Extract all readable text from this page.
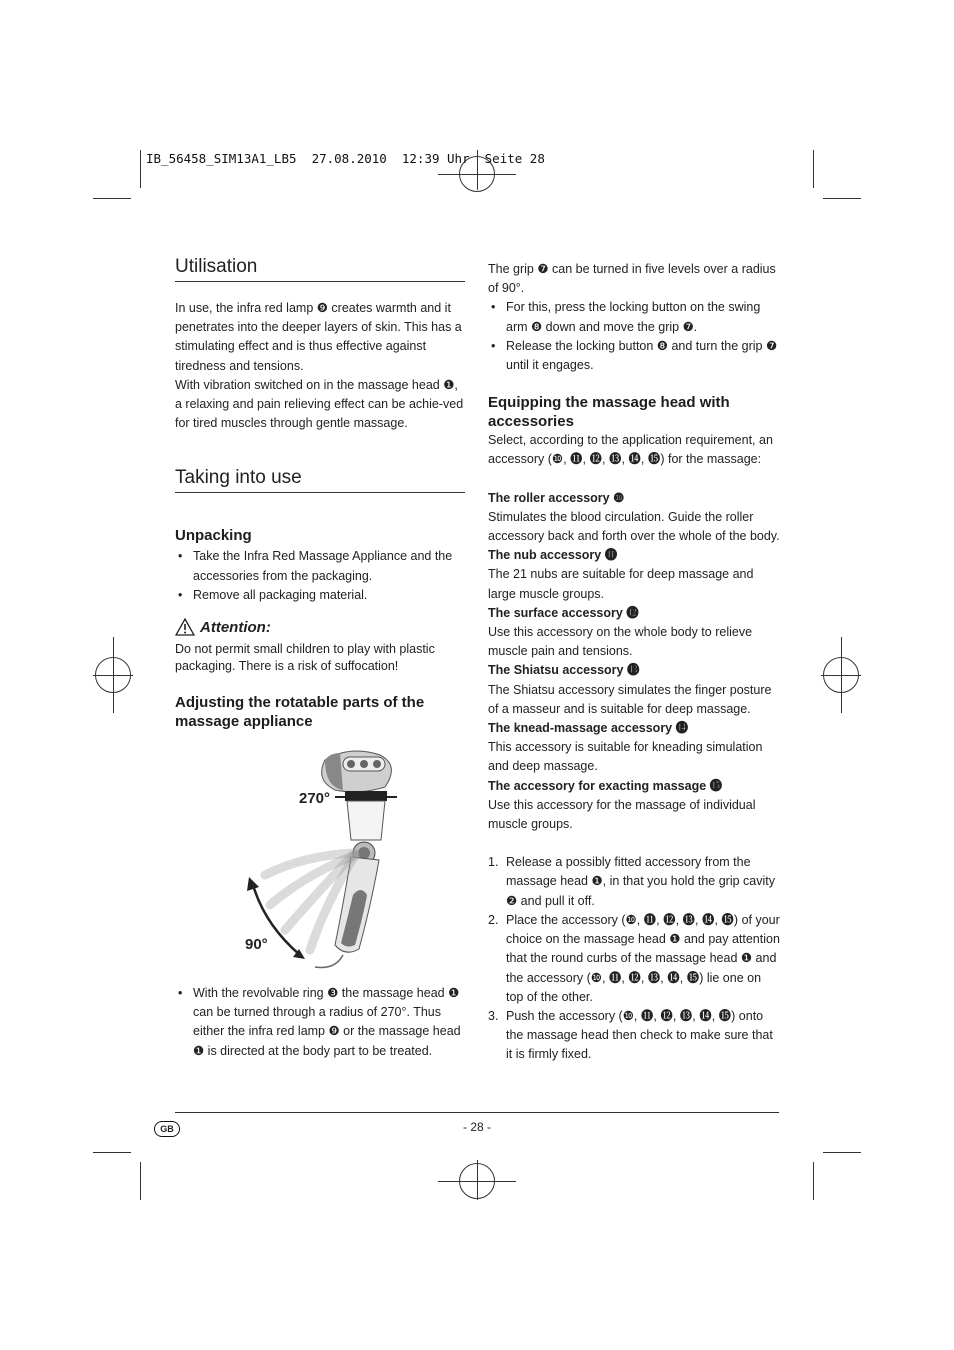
IB_56458_SIM13A1_LB5  27.08.2010  12:39 Uhr  Seite 28
Utilisation

In use, the infra red lamp ❾ creates warmth and it penetrates into the deeper layers of skin. This has a stimulating effect and is thus effective against tiredness and tensions.

With vibration switched on in the massage head ❶, a relaxing and pain relieving effect can be achie-ved for tired muscles through gentle massage.

Taking into use
Unpacking
• Take the Infra Red Massage Appliance and the accessories from the packaging.
• Remove all packaging material.
Attention:

Do not permit small children to play with plastic packaging. There is a risk of suffocation!

Adjusting the rotatable parts of the massage appliance
270°
90°
• With the revolvable ring ❸ the massage head ❶ can be turned through a radius of 270°. Thus either the infra red lamp ❾ or the massage head ❶ is directed at the body part to be treated.

The grip ❼ can be turned in five levels over a radius of 90°.

• For this, press the locking button on the swing arm ❽ down and move the grip ❼.
• Release the locking button ❽ and turn the grip ❼ until it engages.
Equipping the massage head with accessories

Select, according to the application requirement, an accessory (❿, ⓫, ⓬, ⓭, ⓮, ⓯) for the massage:

The roller accessory ❿

Stimulates the blood circulation. Guide the roller accessory back and forth over the whole of the body.

The nub accessory ⓫

The 21 nubs are suitable for deep massage and large muscle groups.

The surface accessory ⓬

Use this accessory on the whole body to relieve muscle pain and tensions.

The Shiatsu accessory ⓭

The Shiatsu accessory simulates the finger posture of a masseur and is suitable for deep massage.

The knead-massage accessory ⓮

This accessory is suitable for kneading simulation and deep massage.

The accessory for exacting massage ⓯

Use this accessory for the massage of individual muscle groups.

1. Release a possibly fitted accessory from the massage head ❶, in that you hold the grip cavity ❷ and pull it off.
2. Place the accessory (❿, ⓫, ⓬, ⓭, ⓮, ⓯) of your choice on the massage head ❶ and pay attention that the round curbs of the massage head ❶ and the accessory (❿, ⓫, ⓬, ⓭, ⓮, ⓯) lie one on top of the other.
3. Push the accessory (❿, ⓫, ⓬, ⓭, ⓮, ⓯) onto the massage head then check to make sure that it is firmly fixed.
GB	- 28 -
